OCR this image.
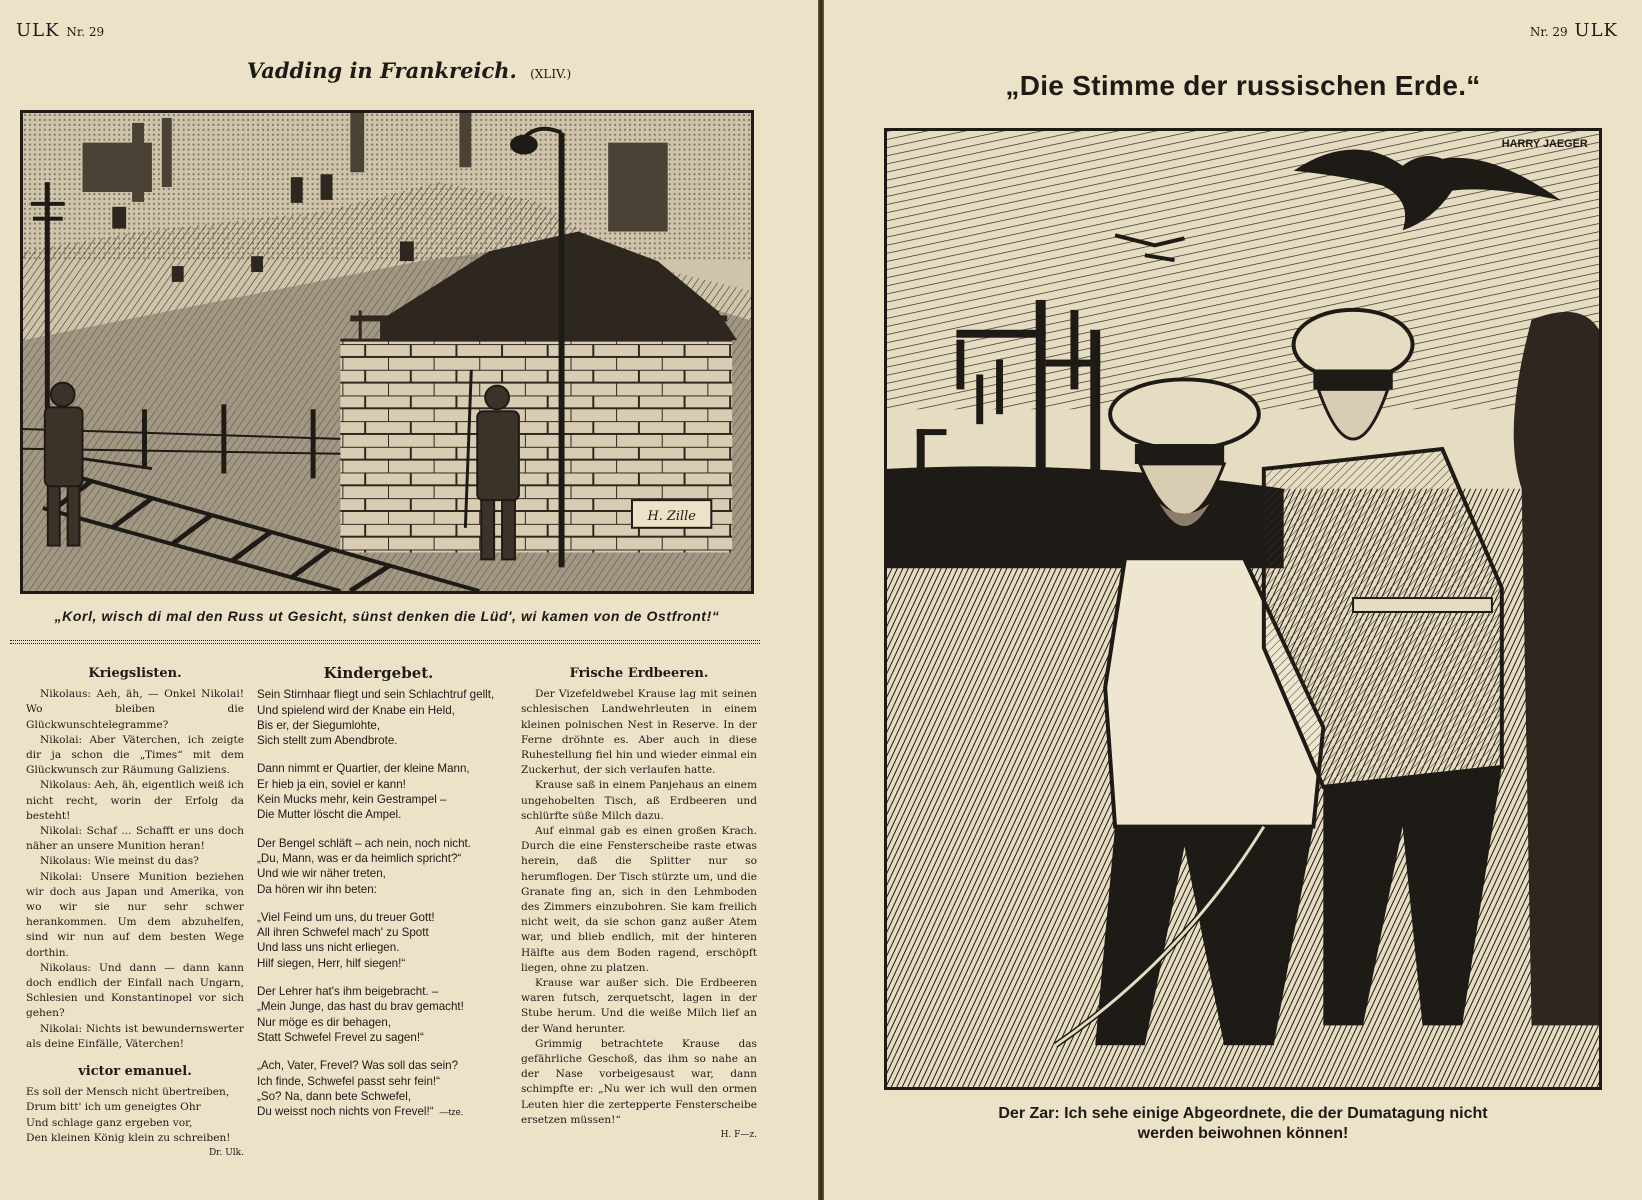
ULK Nr. 29
Vadding in Frankreich. (XLIV.)
H. Zille
„Korl, wisch di mal den Russ ut Gesicht, sünst denken die Lüd', wi kamen von de Ostfront!“
Kriegslisten.

Nikolaus: Aeh, äh, — Onkel Nikolai! Wo bleiben die Glückwunschtelegramme?

Nikolai: Aber Väterchen, ich zeigte dir ja schon die „Times“ mit dem Glückwunsch zur Räumung Galiziens.

Nikolaus: Aeh, äh, eigentlich weiß ich nicht recht, worin der Erfolg da besteht!

Nikolai: Schaf ... Schafft er uns doch näher an unsere Munition heran!

Nikolaus: Wie meinst du das?

Nikolai: Unsere Munition beziehen wir doch aus Japan und Amerika, von wo wir sie nur sehr schwer herankommen. Um dem abzuhelfen, sind wir nun auf dem besten Wege dorthin.

Nikolaus: Und dann — dann kann doch endlich der Einfall nach Ungarn, Schlesien und Konstantinopel vor sich gehen?

Nikolai: Nichts ist bewundernswerter als deine Einfälle, Väterchen!

victor emanuel.
Es soll der Mensch nicht übertreiben,
Drum bitt' ich um geneigtes Ohr
Und schlage ganz ergeben vor,
Den kleinen König klein zu schreiben!
Dr. Ulk.
Kindergebet.

Sein Stirnhaar fliegt und sein Schlachtruf gellt,
Und spielend wird der Knabe ein Held,
Bis er, der Siegumlohte,
Sich stellt zum Abendbrote.

Dann nimmt er Quartier, der kleine Mann,
Er hieb ja ein, soviel er kann!
Kein Mucks mehr, kein Gestrampel –
Die Mutter löscht die Ampel.

Der Bengel schläft – ach nein, noch nicht.
„Du, Mann, was er da heimlich spricht?“
Und wie wir näher treten,
Da hören wir ihn beten:

„Viel Feind um uns, du treuer Gott!
All ihren Schwefel mach' zu Spott
Und lass uns nicht erliegen.
Hilf siegen, Herr, hilf siegen!“

Der Lehrer hat's ihm beigebracht. –
„Mein Junge, das hast du brav gemacht!
Nur möge es dir behagen,
Statt Schwefel Frevel zu sagen!“

„Ach, Vater, Frevel? Was soll das sein?
Ich finde, Schwefel passt sehr fein!“
„So? Na, dann bete Schwefel,
Du weisst noch nichts von Frevel!“ —tze.

Frische Erdbeeren.

Der Vizefeldwebel Krause lag mit seinen schlesischen Landwehrleuten in einem kleinen polnischen Nest in Reserve. In der Ferne dröhnte es. Aber auch in diese Ruhestellung fiel hin und wieder einmal ein Zuckerhut, der sich verlaufen hatte.

Krause saß in einem Panjehaus an einem ungehobelten Tisch, aß Erdbeeren und schlürfte süße Milch dazu.

Auf einmal gab es einen großen Krach. Durch die eine Fensterscheibe raste etwas herein, daß die Splitter nur so herumflogen. Der Tisch stürzte um, und die Granate fing an, sich in den Lehmboden des Zimmers einzubohren. Sie kam freilich nicht weit, da sie schon ganz außer Atem war, und blieb endlich, mit der hinteren Hälfte aus dem Boden ragend, erschöpft liegen, ohne zu platzen.

Krause war außer sich. Die Erdbeeren waren futsch, zerquetscht, lagen in der Stube herum. Und die weiße Milch lief an der Wand herunter.

Grimmig betrachtete Krause das gefährliche Geschoß, das ihm so nahe an der Nase vorbeigesaust war, dann schimpfte er: „Nu wer ich wull den ormen Leuten hier die zerteppertе Fensterscheibe ersetzen müssen!“

H. F—z.
Nr. 29 ULK
„Die Stimme der russischen Erde.“
HARRY JAEGER
Der Zar: Ich sehe einige Abgeordnete, die der Dumatagung nicht
werden beiwohnen können!
